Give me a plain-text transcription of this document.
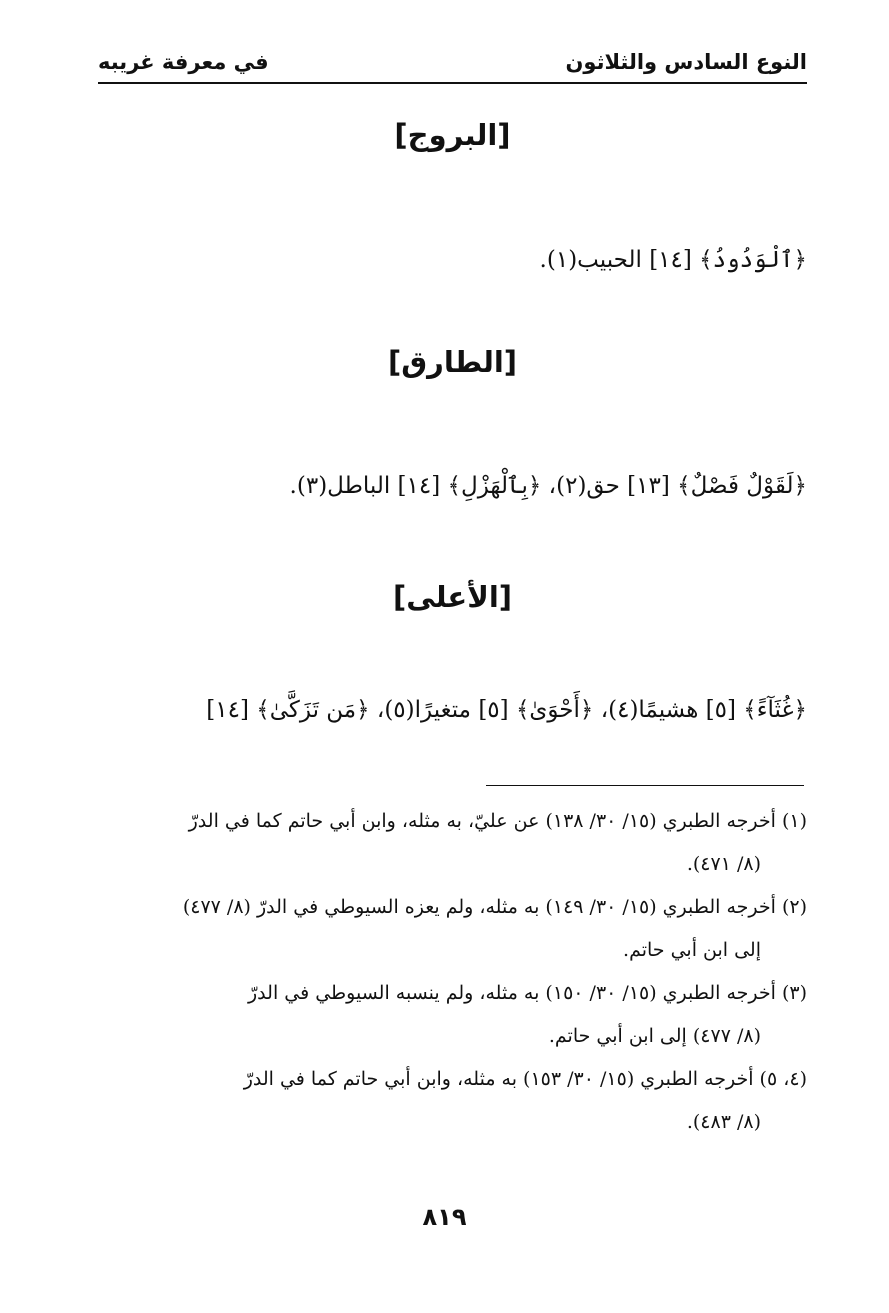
النوع السادس والثلاثون
في معرفة غريبه
[البروج]
﴿ٱلْوَدُودُ﴾ [١٤] الحبيب(١).
[الطارق]
﴿لَقَوْلٌ فَصْلٌ﴾ [١٣] حق(٢)، ﴿بِٱلْهَزْلِ﴾ [١٤] الباطل(٣).
[الأعلى]
﴿غُثَآءً﴾ [٥] هشيمًا(٤)، ﴿أَحْوَىٰ﴾ [٥] متغيرًا(٥)، ﴿مَن تَزَكَّىٰ﴾ [١٤]
(١) أخرجه الطبري (١٥/ ٣٠/ ١٣٨) عن عليّ، به مثله، وابن أبي حاتم كما في الدرّ
(٨/ ٤٧١).
(٢) أخرجه الطبري (١٥/ ٣٠/ ١٤٩) به مثله، ولم يعزه السيوطي في الدرّ (٨/ ٤٧٧)
إلى ابن أبي حاتم.
(٣) أخرجه الطبري (١٥/ ٣٠/ ١٥٠) به مثله، ولم ينسبه السيوطي في الدرّ
(٨/ ٤٧٧) إلى ابن أبي حاتم.
(٤، ٥) أخرجه الطبري (١٥/ ٣٠/ ١٥٣) به مثله، وابن أبي حاتم كما في الدرّ
(٨/ ٤٨٣).
٨١٩
